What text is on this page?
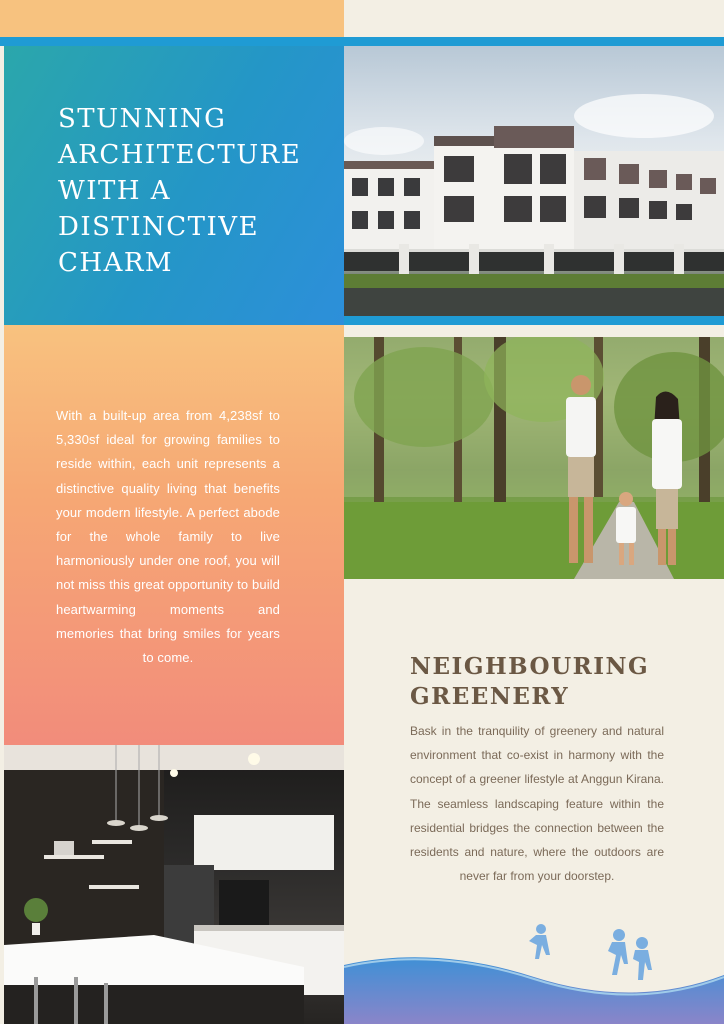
STUNNING
ARCHITECTURE
WITH A
DISTINCTIVE
CHARM

With a built-up area from 4,238sf to 5,330sf ideal for growing families to reside within, each unit represents a distinctive quality living that benefits your modern lifestyle. A perfect abode for the whole family to live harmoniously under one roof, you will not miss this great opportunity to build heartwarming moments and memories that bring smiles for years to come.	NEIGHBOURING
GREENERY

Bask in the tranquility of greenery and natural environment that co-exist in harmony with the concept of a greener lifestyle at Anggun Kirana. The seamless landscaping feature within the residential bridges the connection between the residents and nature, where the outdoors are never far from your doorstep.
